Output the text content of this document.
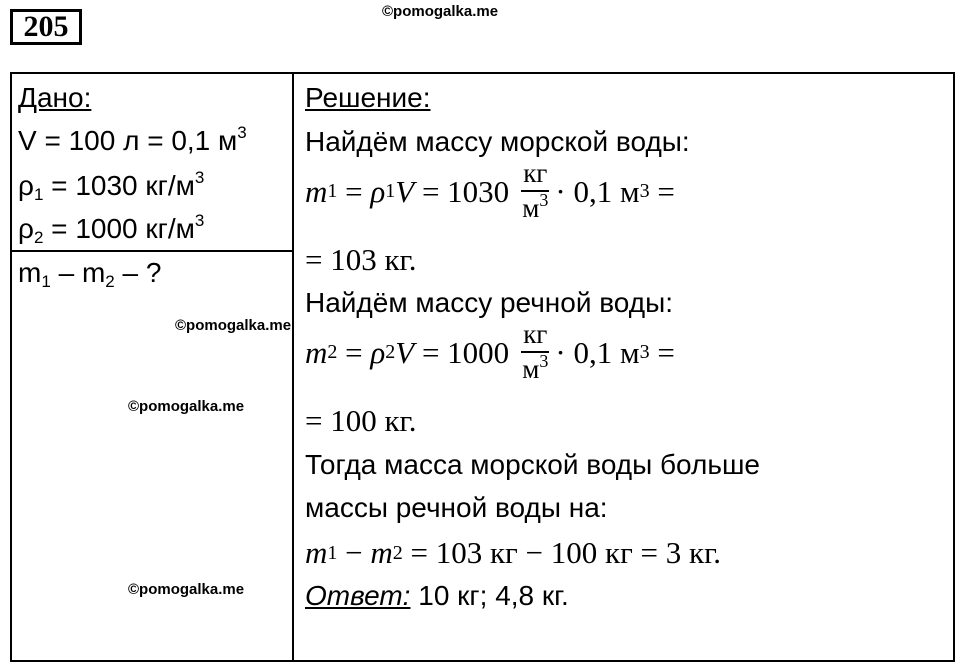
205	©pomogalka.me
Дано:
V = 100 л = 0,1 $м^3$
$\rho_1 = 1030$ $кг/м^3$
$\rho_2 = 1000$ $кг/м^3$
$m_1 - m_2$ – ?
©pomogalka.me
©pomogalka.me
©pomogalka.me
Решение:
Найдём массу морской воды:
m 1 = ρ 1 $V = 1030 \frac{кг}{м^3} \cdot 0,1$ м 3 =
= 103 кг.
Найдём массу речной воды:
m 2 = ρ 2 $V = 1000 \frac{кг}{м^3} \cdot 0,1$ м 3 =
= 100 кг.
Тогда масса морской воды больше
массы речной воды на:
m 1 − m 2 = 103 кг − 100 кг = 3 кг.
Ответ: 10 кг; 4,8 кг.
